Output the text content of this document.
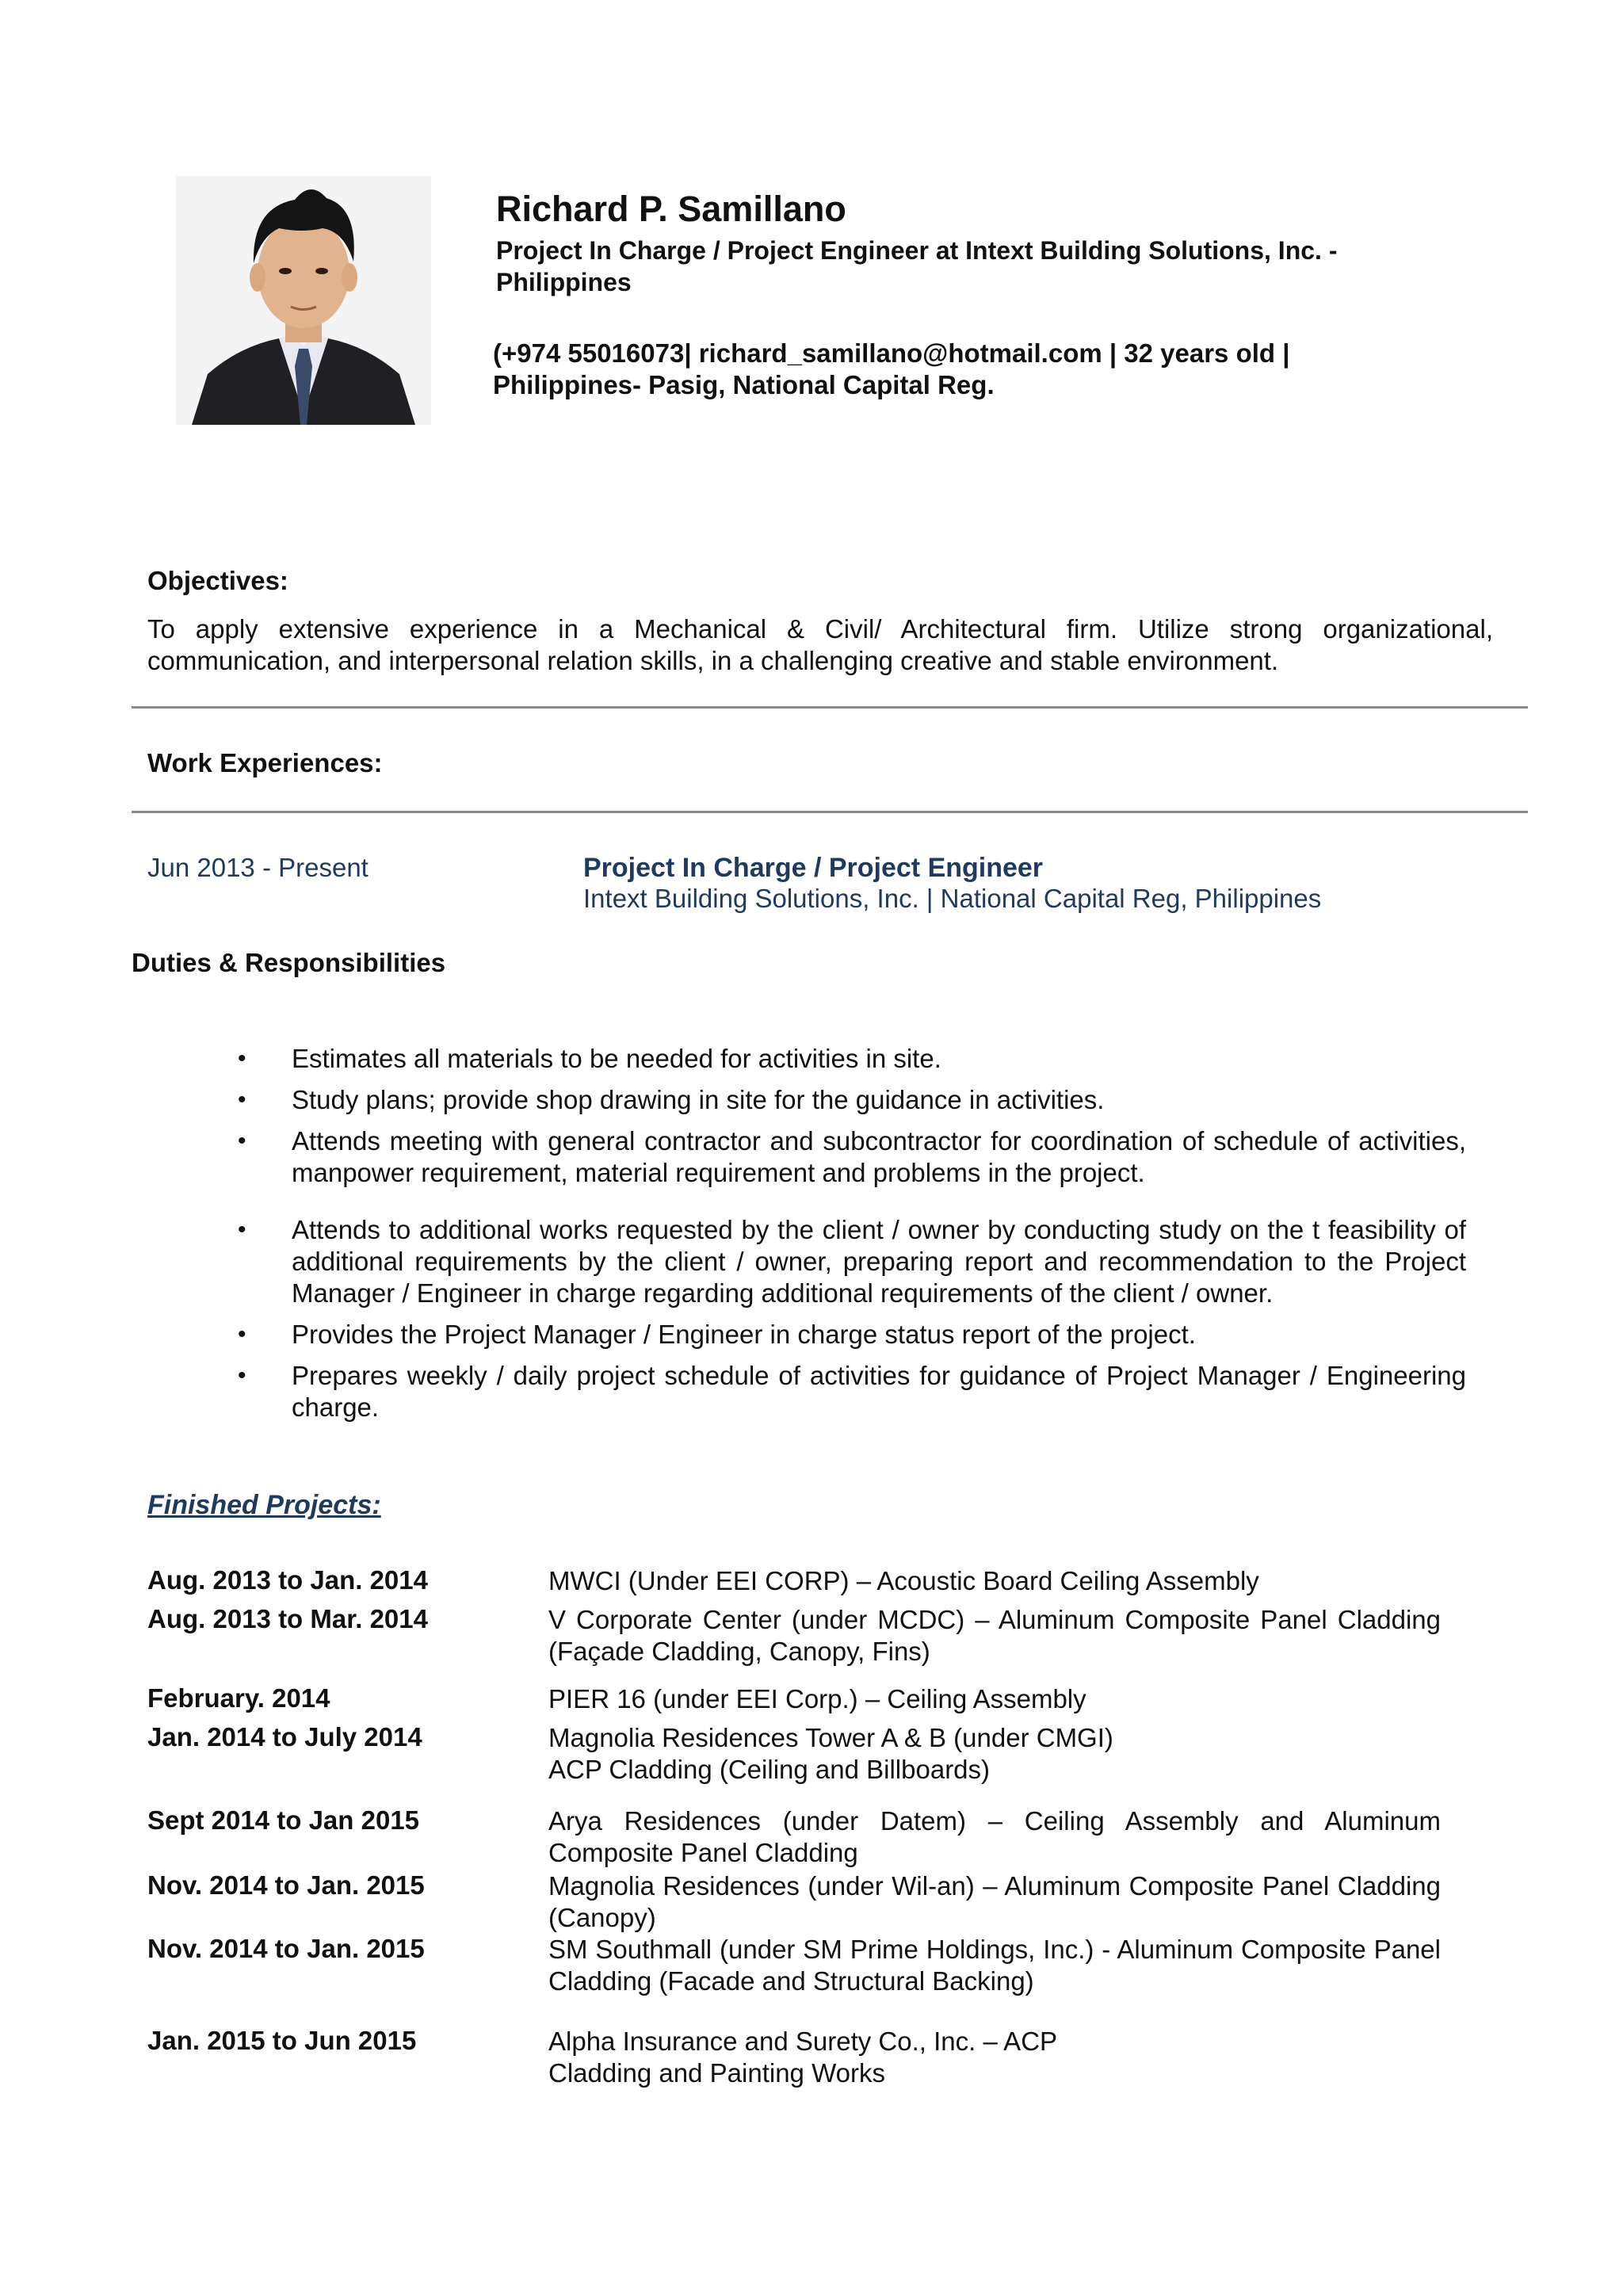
Richard P. Samillano
Project In Charge / Project Engineer at Intext Building Solutions, Inc. - Philippines
(+974 55016073| richard_samillano@hotmail.com | 32 years old | Philippines- Pasig, National Capital Reg.
Objectives:
To apply extensive experience in a Mechanical & Civil/ Architectural firm. Utilize strong organizational, communication, and interpersonal relation skills, in a challenging creative and stable environment.
Work Experiences:
Jun 2013 - Present	Project In Charge / Project Engineer
Intext Building Solutions, Inc. | National Capital Reg, Philippines
Duties & Responsibilities
• Estimates all materials to be needed for activities in site.
• Study plans; provide shop drawing in site for the guidance in activities.
• Attends meeting with general contractor and subcontractor for coordination of schedule of activities, manpower requirement, material requirement and problems in the project.
• Attends to additional works requested by the client / owner by conducting study on the t feasibility of additional requirements by the client / owner, preparing report and recommendation to the Project Manager / Engineer in charge regarding additional requirements of the client / owner.
• Provides the Project Manager / Engineer in charge status report of the project.
• Prepares weekly / daily project schedule of activities for guidance of Project Manager / Engineering charge.
Finished Projects:
Aug. 2013 to Jan. 2014	MWCI (Under EEI CORP) – Acoustic Board Ceiling Assembly
Aug. 2013 to Mar. 2014	V Corporate Center (under MCDC) – Aluminum Composite Panel Cladding (Façade Cladding, Canopy, Fins)
February. 2014	PIER 16 (under EEI Corp.) – Ceiling Assembly
Jan. 2014 to July 2014	Magnolia Residences Tower A & B (under CMGI)
ACP Cladding (Ceiling and Billboards)
Sept 2014 to Jan 2015	Arya Residences (under Datem) – Ceiling Assembly and Aluminum Composite Panel Cladding
Nov. 2014 to Jan. 2015	Magnolia Residences (under Wil-an) – Aluminum Composite Panel Cladding (Canopy)
Nov. 2014 to Jan. 2015	SM Southmall (under SM Prime Holdings, Inc.) - Aluminum Composite Panel Cladding (Facade and Structural Backing)
Jan. 2015 to Jun 2015	Alpha Insurance and Surety Co., Inc. – ACP
Cladding and Painting Works
